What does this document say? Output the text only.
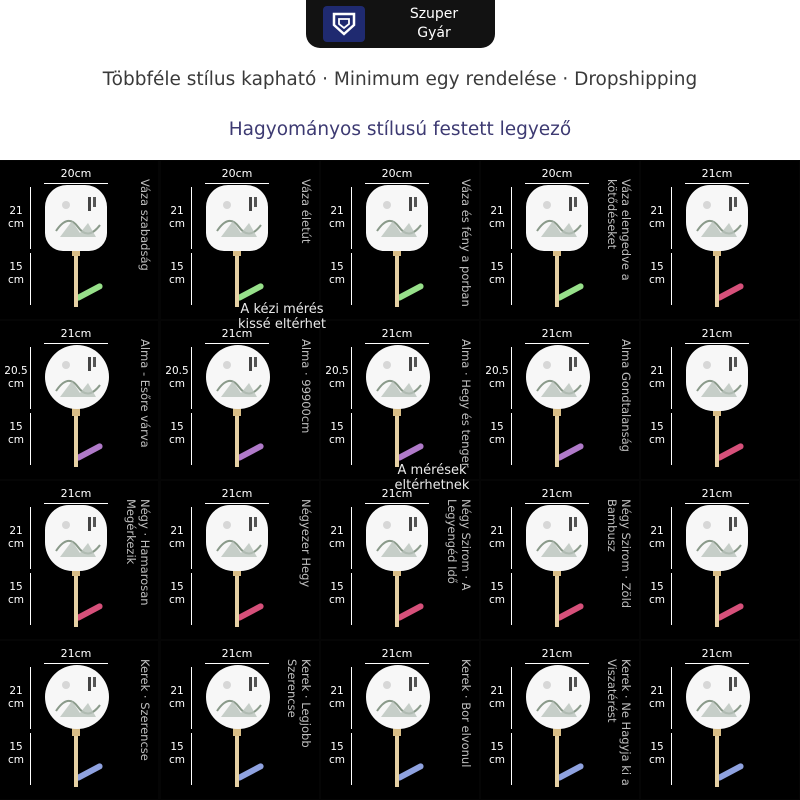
Szuper
Gyár
Többféle stílus kapható · Minimum egy rendelése · Dropshipping
Hagyományos stílusú festett legyező
20cm
21 cm
15 cm
Váza szabadság
20cm
21 cm
15 cm
Váza életút
20cm
21 cm
15 cm	Váza és fény a porban
20cm
21 cm
15 cm	Váza elengedve a kötődéseket
21cm
21 cm
15 cm
21cm
20.5 cm
15 cm	Alma - Esőre várva
21cm
20.5 cm
15 cm
Alma · 99900cm
21cm
20.5 cm
15 cm	Alma · Hegy és tenger
21cm
20.5 cm
15 cm	Alma Gondtalanság
21cm
21 cm
15 cm
21cm
21 cm
15 cm	Négy · Hamarosan Megérkezik
21cm
21 cm
15 cm
Négyezer Hegy
21cm
21 cm
15 cm
Négy Szirom · A Legyengéd Idő
21cm
21 cm
15 cm	Négy Szirom · Zöld Bambusz
21cm
21 cm
15 cm
21cm
21 cm
15 cm	Kerek · Szerencse
21cm
21 cm
15 cm
Kerek · Legjobb Szerencse
21cm
21 cm
15 cm	Kerek · Bor elvonul
21cm
21 cm
15 cm	Kerek · Ne Hagyja ki a Viszatérést
21cm
21 cm
15 cm
A kézi mérés kissé eltérhet
A mérések eltérhetnek
